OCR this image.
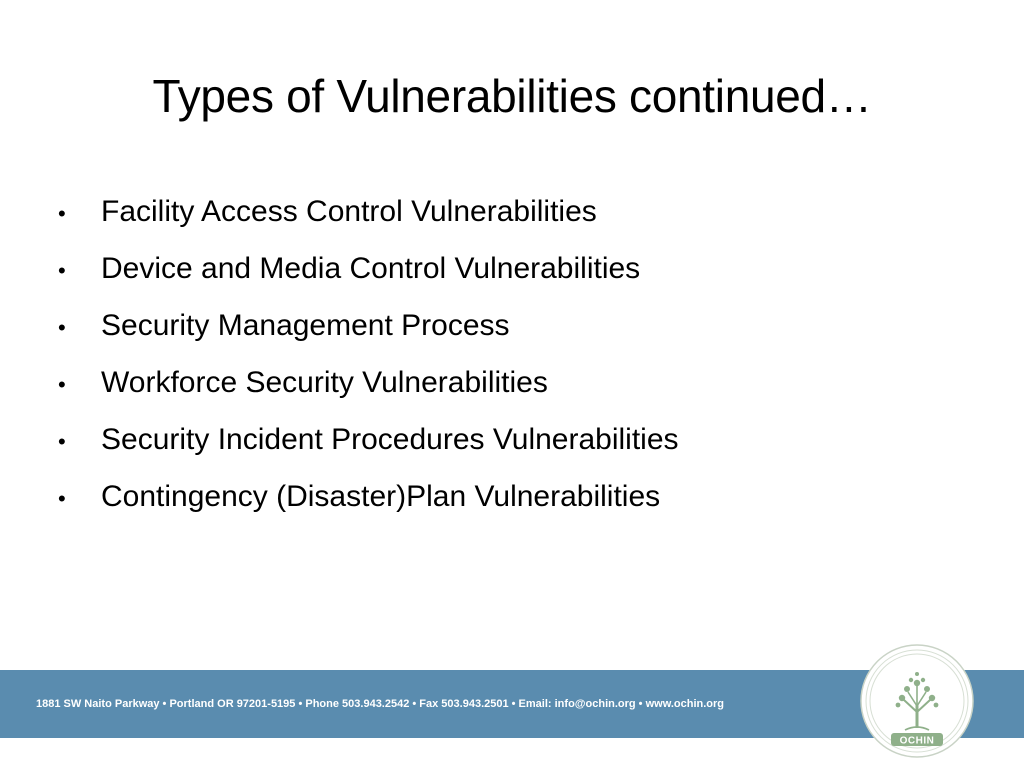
Types of Vulnerabilities continued…
•	Facility Access Control Vulnerabilities
•	Device and Media Control Vulnerabilities
•	Security Management Process
•	Workforce Security Vulnerabilities
•	Security Incident Procedures Vulnerabilities
•	Contingency (Disaster)Plan Vulnerabilities
1881 SW Naito Parkway • Portland OR 97201-5195 • Phone 503.943.2542 • Fax 503.943.2501 • Email: info@ochin.org • www.ochin.org
OCHIN
